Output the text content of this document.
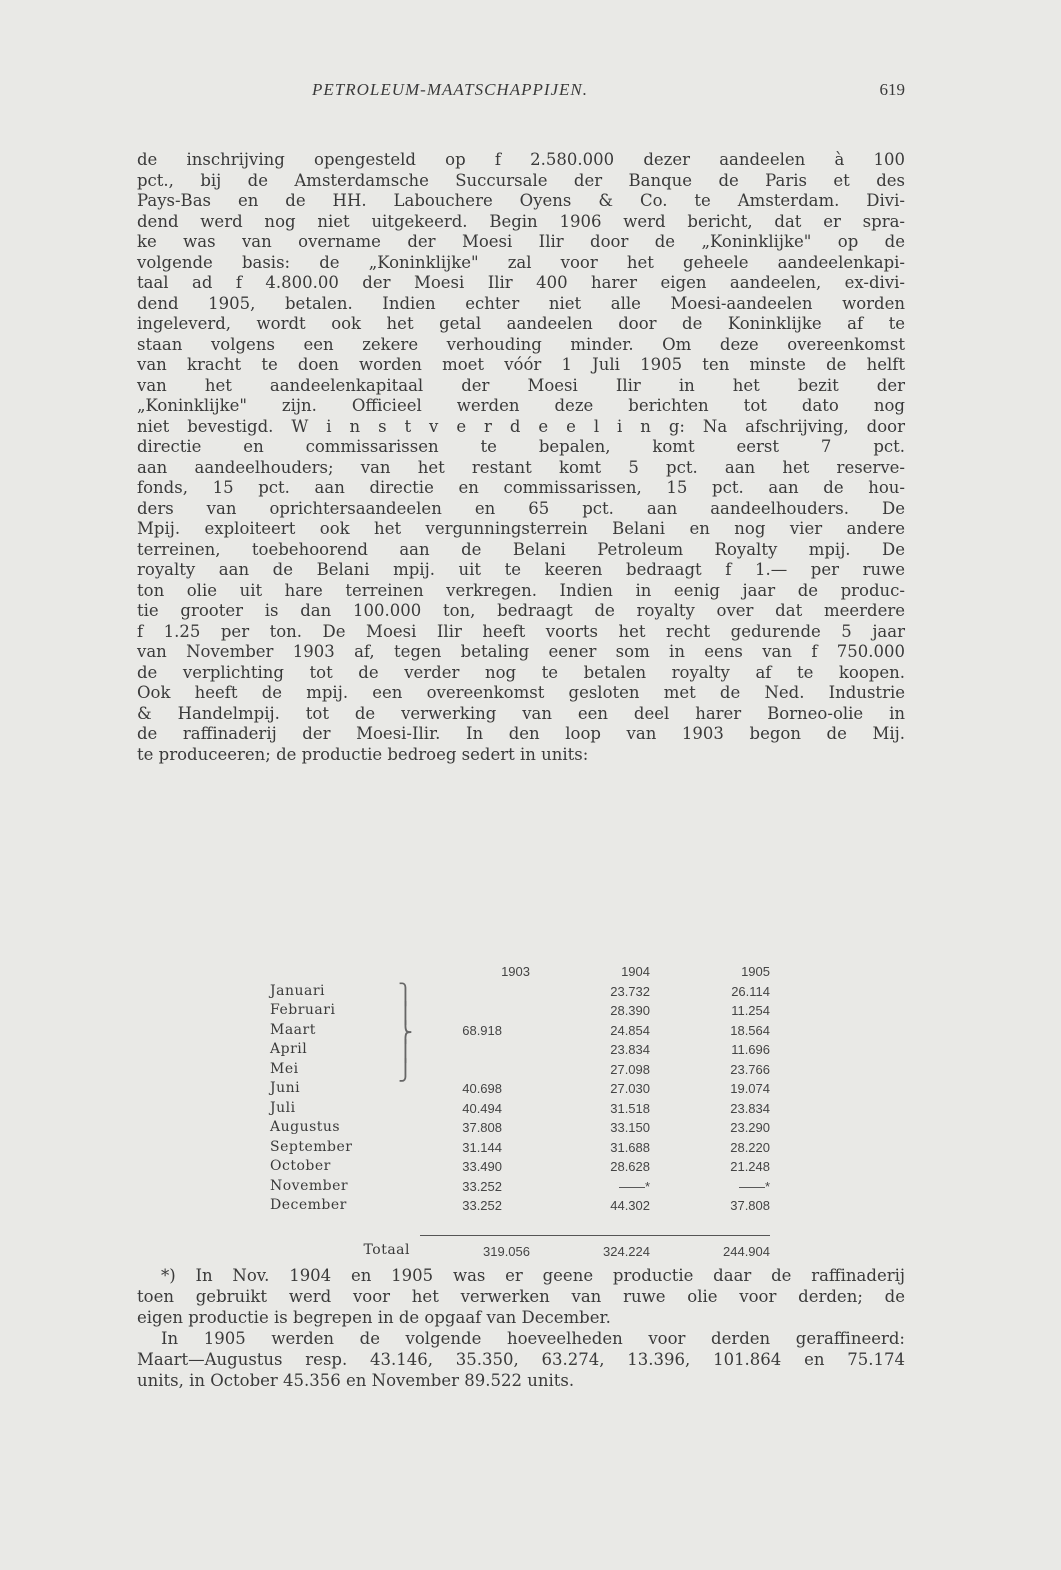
PETROLEUM-MAATSCHAPPIJEN.	619
de inschrijving opengesteld op f 2.580.000 dezer aandeelen à 100
pct., bij de Amsterdamsche Succursale der Banque de Paris et des
Pays-Bas en de HH. Labouchere Oyens & Co. te Amsterdam. Divi-
dend werd nog niet uitgekeerd. Begin 1906 werd bericht, dat er spra-
ke was van overname der Moesi Ilir door de „Koninklijke" op de
volgende basis: de „Koninklijke" zal voor het geheele aandeelenkapi-
taal ad f 4.800.00 der Moesi Ilir 400 harer eigen aandeelen, ex-divi-
dend 1905, betalen. Indien echter niet alle Moesi-aandeelen worden
ingeleverd, wordt ook het getal aandeelen door de Koninklijke af te
staan volgens een zekere verhouding minder. Om deze overeenkomst
van kracht te doen worden moet vóór 1 Juli 1905 ten minste de helft
van het aandeelenkapitaal der Moesi Ilir in het bezit der
„Koninklijke" zijn. Officieel werden deze berichten tot dato nog
niet bevestigd. W i n s t v e r d e e l i n g: Na afschrijving, door
directie en commissarissen te bepalen, komt eerst 7 pct.
aan aandeelhouders; van het restant komt 5 pct. aan het reserve-
fonds, 15 pct. aan directie en commissarissen, 15 pct. aan de hou-
ders van oprichtersaandeelen en 65 pct. aan aandeelhouders. De
Mpij. exploiteert ook het vergunningsterrein Belani en nog vier andere
terreinen, toebehoorend aan de Belani Petroleum Royalty mpij. De
royalty aan de Belani mpij. uit te keeren bedraagt f 1.— per ruwe
ton olie uit hare terreinen verkregen. Indien in eenig jaar de produc-
tie grooter is dan 100.000 ton, bedraagt de royalty over dat meerdere
f 1.25 per ton. De Moesi Ilir heeft voorts het recht gedurende 5 jaar
van November 1903 af, tegen betaling eener som in eens van f 750.000
de verplichting tot de verder nog te betalen royalty af te koopen.
Ook heeft de mpij. een overeenkomst gesloten met de Ned. Industrie
& Handelmpij. tot de verwerking van een deel harer Borneo-olie in
de raffinaderij der Moesi-Ilir. In den loop van 1903 begon de Mij.
te produceeren; de productie bedroeg sedert in units:
⎫
⎪
⎬
⎪
⎭
	1903	1904	1905
Januari		23.732	26.114
Februari		28.390	11.254
Maart	68.918	24.854	18.564
April		23.834	11.696
Mei		27.098	23.766
Juni	40.698	27.030	19.074
Juli	40.494	31.518	23.834
Augustus	37.808	33.150	23.290
September	31.144	31.688	28.220
October	33.490	28.628	21.248
November	33.252	——*	——*
December	33.252	44.302	37.808

Totaal	319.056	324.224	244.904
*) In Nov. 1904 en 1905 was er geene productie daar de raffinaderij
toen gebruikt werd voor het verwerken van ruwe olie voor derden; de
eigen productie is begrepen in de opgaaf van December.
In 1905 werden de volgende hoeveelheden voor derden geraffineerd:
Maart—Augustus resp. 43.146, 35.350, 63.274, 13.396, 101.864 en 75.174
units, in October 45.356 en November 89.522 units.
